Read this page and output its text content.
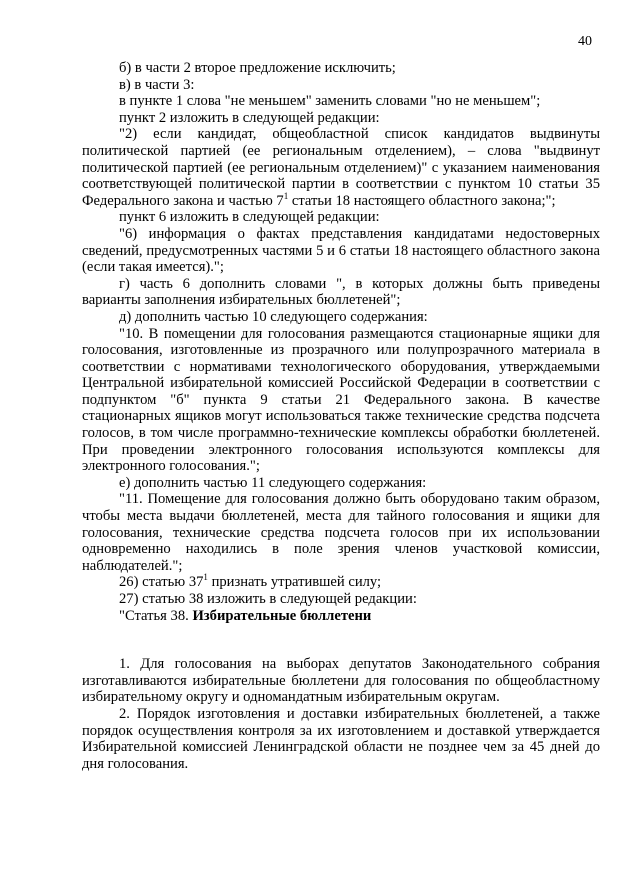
40

б) в части 2 второе предложение исключить;

в) в части 3:

в пункте 1 слова "не меньшем" заменить словами "но не меньшем";

пункт 2 изложить в следующей редакции:

"2) если кандидат, общеобластной список кандидатов выдвинуты политической партией (ее региональным отделением), – слова "выдвинут политической партией (ее региональным отделением)" с указанием наименования соответствующей политической партии в соответствии с пунктом 10 статьи 35 Федерального закона и частью $7^1$ статьи 18 настоящего областного закона;";

пункт 6 изложить в следующей редакции:

"6) информация о фактах представления кандидатами недостоверных сведений, предусмотренных частями 5 и 6 статьи 18 настоящего областного закона (если такая имеется).";

г) часть 6 дополнить словами ", в которых должны быть приведены варианты заполнения избирательных бюллетеней";

д) дополнить частью 10 следующего содержания:

"10. В помещении для голосования размещаются стационарные ящики для голосования, изготовленные из прозрачного или полупрозрачного материала в соответствии с нормативами технологического оборудования, утверждаемыми Центральной избирательной комиссией Российской Федерации в соответствии с подпунктом "б" пункта 9 статьи 21 Федерального закона. В качестве стационарных ящиков могут использоваться также технические средства подсчета голосов, в том числе программно-технические комплексы обработки бюллетеней. При проведении электронного голосования используются комплексы для электронного голосования.";

е) дополнить частью 11 следующего содержания:

"11. Помещение для голосования должно быть оборудовано таким образом, чтобы места выдачи бюллетеней, места для тайного голосования и ящики для голосования, технические средства подсчета голосов при их использовании одновременно находились в поле зрения членов участковой комиссии, наблюдателей.";

26) статью $37^1$ признать утратившей силу;

27) статью 38 изложить в следующей редакции:

"Статья 38. Избирательные бюллетени

1. Для голосования на выборах депутатов Законодательного собрания изготавливаются избирательные бюллетени для голосования по общеобластному избирательному округу и одномандатным избирательным округам.

2. Порядок изготовления и доставки избирательных бюллетеней, а также порядок осуществления контроля за их изготовлением и доставкой утверждается Избирательной комиссией Ленинградской области не позднее чем за 45 дней до дня голосования.
